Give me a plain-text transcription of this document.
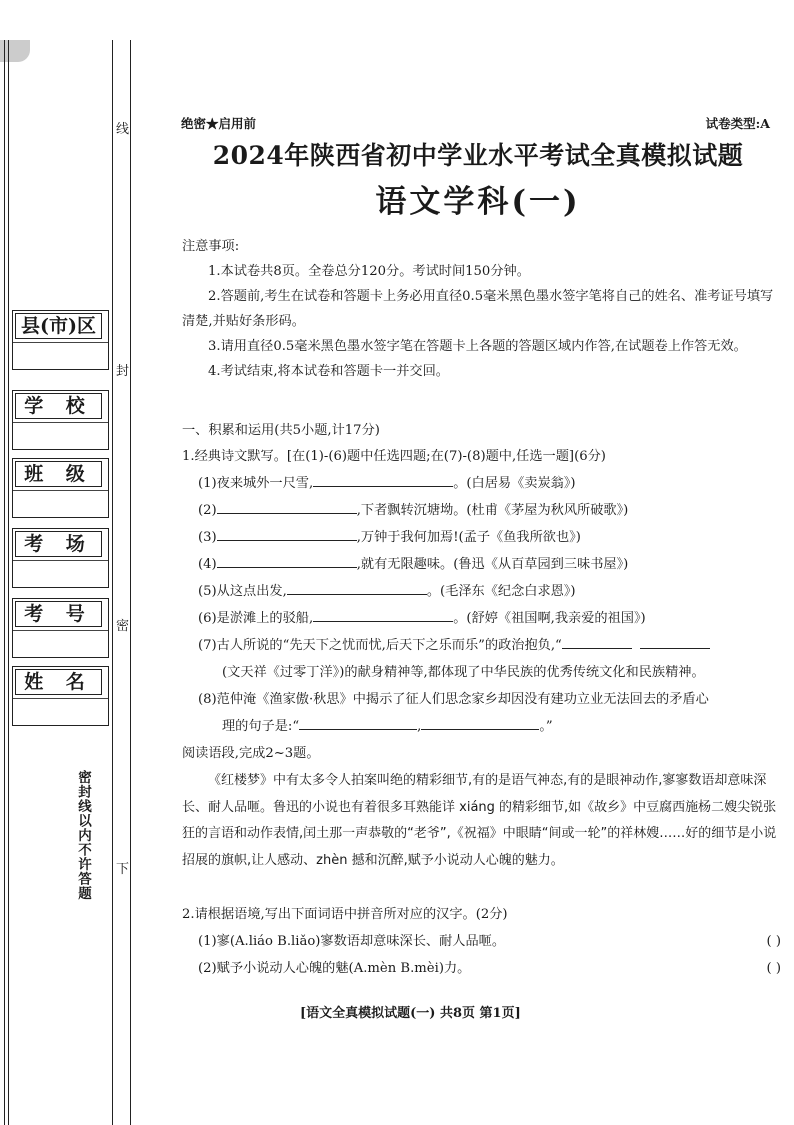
县(市)区
学 校
班 级
考 场
考 号
姓 名
线
封
密
下
密封线以内不许答题
绝密★启用前	试卷类型:A
2024年陕西省初中学业水平考试全真模拟试题
语文学科(一)

注意事项:

1.本试卷共8页。全卷总分120分。考试时间150分钟。

2.答题前,考生在试卷和答题卡上务必用直径0.5毫米黑色墨水签字笔将自己的姓名、准考证号填写清楚,并贴好条形码。

3.请用直径0.5毫米黑色墨水签字笔在答题卡上各题的答题区域内作答,在试题卷上作答无效。

4.考试结束,将本试卷和答题卡一并交回。

一、积累和运用(共5小题,计17分)
1.经典诗文默写。[在(1)-(6)题中任选四题;在(7)-(8)题中,任选一题](6分)
(1)夜来城外一尺雪,	。(白居易《卖炭翁》)
(2)	,下者飘转沉塘坳。(杜甫《茅屋为秋风所破歌》)
(3)	,万钟于我何加焉!(孟子《鱼我所欲也》)
(4)	,就有无限趣味。(鲁迅《从百草园到三味书屋》)
(5)从这点出发,	。(毛泽东《纪念白求恩》)
(6)是淤滩上的驳船,	。(舒婷《祖国啊,我亲爱的祖国》)
(7)古人所说的“先天下之忧而忧,后天下之乐而乐”的政治抱负,“
(文天祥《过零丁洋》)的献身精神等,都体现了中华民族的优秀传统文化和民族精神。
(8)范仲淹《渔家傲·秋思》中揭示了征人们思念家乡却因没有建功立业无法回去的矛盾心
理的句子是:“	,	。”
阅读语段,完成2~3题。
《红楼梦》中有太多令人拍案叫绝的精彩细节,有的是语气神态,有的是眼神动作,寥寥数语却意味深长、耐人品咂。鲁迅的小说也有着很多耳熟能详 xiáng 的精彩细节,如《故乡》中豆腐西施杨二嫂尖锐张狂的言语和动作表情,闰土那一声恭敬的“老爷”,《祝福》中眼睛“间或一轮”的祥林嫂……好的细节是小说招展的旗帜,让人感动、zhèn 撼和沉醉,赋予小说动人心魄的魅力。
2.请根据语境,写出下面词语中拼音所对应的汉字。(2分)
(1)寥(A.liáo B.liǎo)寥数语却意味深长、耐人品咂。	( )
(2)赋予小说动人心魄的魅(A.mèn B.mèi)力。	( )
[语文全真模拟试题(一) 共8页 第1页]
